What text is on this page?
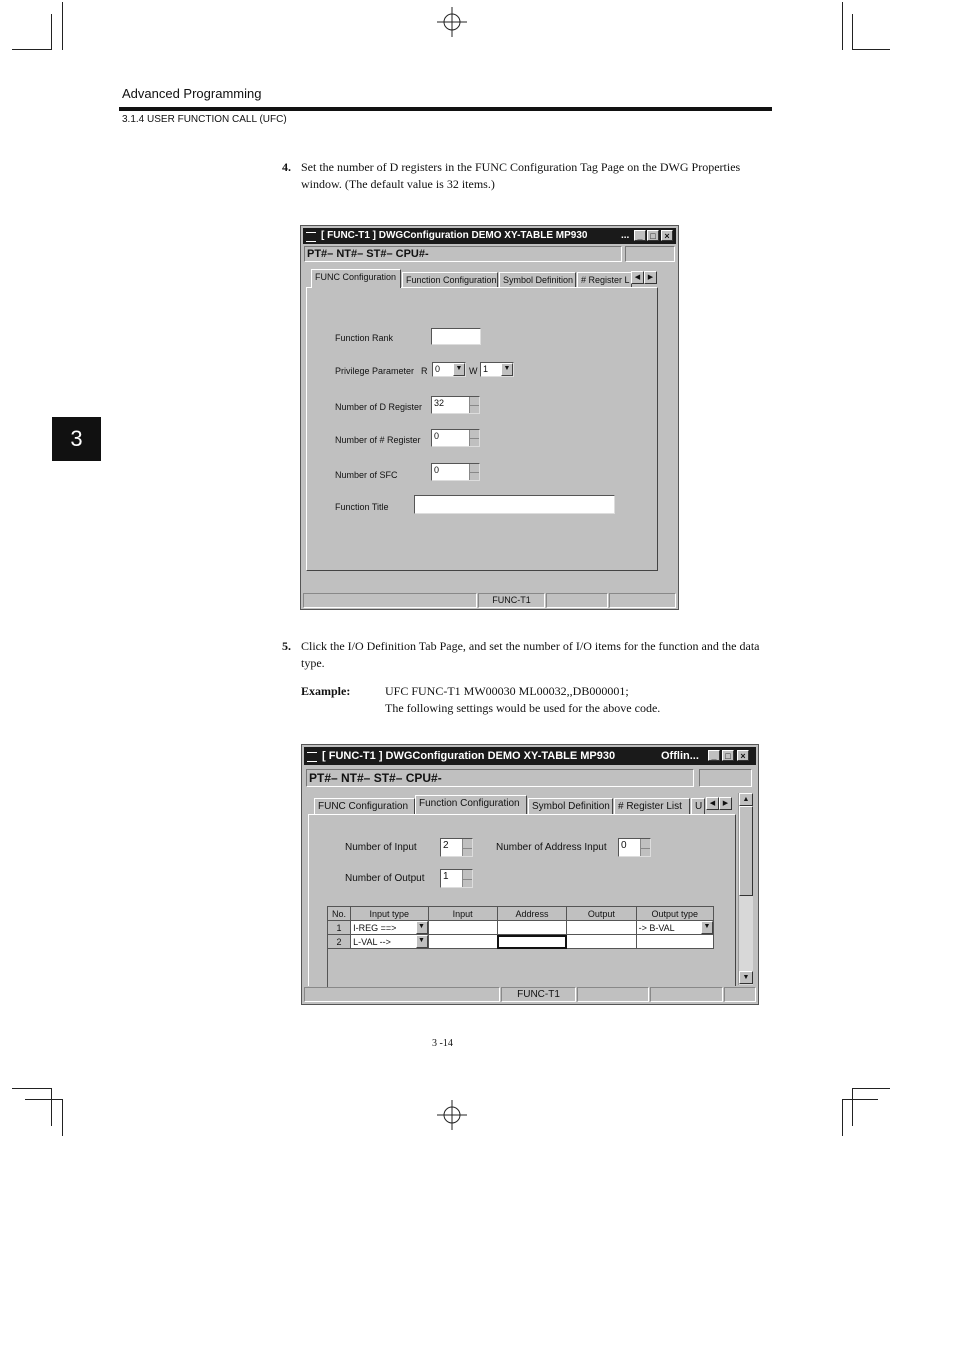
Advanced Programming
3.1.4 USER FUNCTION CALL (UFC)
3
4. Set the number of D registers in the FUNC Configuration Tag Page on the DWG Properties window. (The default value is 32 items.)
[ FUNC-T1 ] DWGConfiguration DEMO XY-TABLE MP930	... _ □ ×
PT#– NT#– ST#– CPU#-
FUNC Configuration	Function Configuration Symbol Definition # Register L ◀	▶
Function Rank
Privilege Parameter R 0	▼ W 1	▼
Number of D Register	32
Number of # Register	0
Number of SFC	0
Function Title
FUNC-T1
5. Click the I/O Definition Tab Page, and set the number of I/O items for the function and the data type.
Example:	UFC FUNC-T1 MW00030 ML00032,,DB000001;
The following settings would be used for the above code.
[ FUNC-T1 ] DWGConfiguration DEMO XY-TABLE MP930	Offlin...	_ □	×
PT#– NT#– ST#– CPU#-
FUNC Configuration	Function Configuration	Symbol Definition # Register List	U	◀	▶
Number of Input	2	Number of Address Input	0
Number of Output	1
No.	Input type	Input	Address	Output	Output type
1	I-REG ==> ▼				-> B-VAL ▼

2	L-VAL --> ▼				

▲
▼
FUNC-T1
3 -14
